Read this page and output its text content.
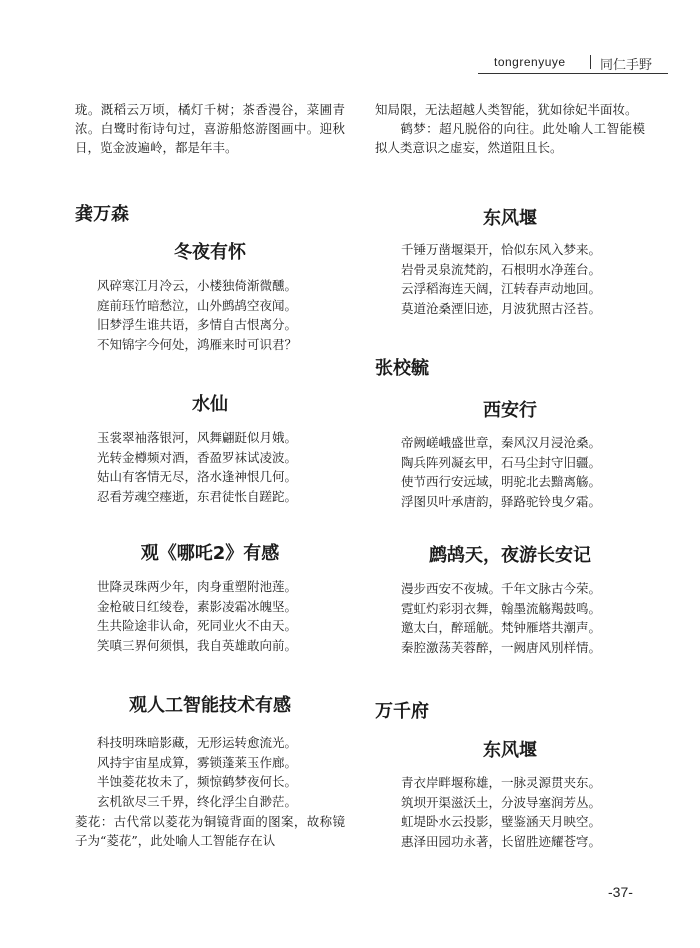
tongrenyuye	同仁手野

珑。溉稻云万顷，橘灯千树；茶香漫谷，菜圃青浓。白鹭时衔诗句过，喜游船悠游图画中。迎秋日，览金波遍岭，都是年丰。

龚万森
冬夜有怀
风碎寒江月冷云，小楼独倚渐微醺。
庭前珏竹暗愁泣，山外鹧鸪空夜闻。
旧梦浮生谁共语，多情自古恨离分。
不知锦字今何处，鸿雁来时可识君？
水仙
玉裳翠袖落银河，风舞翩跹似月娥。
光转金樽频对酒，香盈罗袜试凌波。
姑山有客情无尽，洛水逢神恨几何。
忍看芳魂空瘗逝，东君徒怅自蹉跎。
观《哪吒2》有感
世降灵珠两少年，肉身重塑附池莲。
金枪破日红绫卷，素影凌霜冰魄坚。
生共险途非认命，死同业火不由天。
笑嗔三界何须惧，我自英雄敢向前。
观人工智能技术有感
科技明珠暗影藏，无形运转愈流光。
风持宇宙星成算，雾锁蓬莱玉作廊。
半蚀菱花妆未了，频惊鹤梦夜何长。
玄机欲尽三千界，终化浮尘自渺茫。

菱花：古代常以菱花为铜镜背面的图案，故称镜子为“菱花”，此处喻人工智能存在认

知局限，无法超越人类智能，犹如徐妃半面妆。

鹤梦：超凡脱俗的向往。此处喻人工智能模拟人类意识之虚妄，然道阻且长。

东风堰
千锤万凿堰渠开，恰似东风入梦来。
岩骨灵泉流梵韵，石根明水净莲台。
云浮稻海连天阔，江转春声动地回。
莫道沧桑湮旧迹，月波犹照古泾苔。
张校毓
西安行
帝阙嵯峨盛世章，秦风汉月浸沧桑。
陶兵阵列凝玄甲，石马尘封守旧疆。
使节西行安远域，明驼北去黯离觞。
浮图贝叶承唐韵，驿路驼铃曳夕霜。
鹧鸪天，夜游长安记
漫步西安不夜城。千年文脉古今荣。
霓虹灼彩羽衣舞，翰墨流觞羯鼓鸣。
邀太白，醉瑶觥。梵钟雁塔共潮声。
秦腔激荡芙蓉醉，一阙唐风別样情。
万千府
东风堰
青衣岸畔堰称雄，一脉灵源贯夹东。
筑坝开渠滋沃土，分波导塞润芳丛。
虹堤卧水云投影，璧鉴涵天月映空。
惠泽田园功永著，长留胜迹耀苍穹。
-37-
